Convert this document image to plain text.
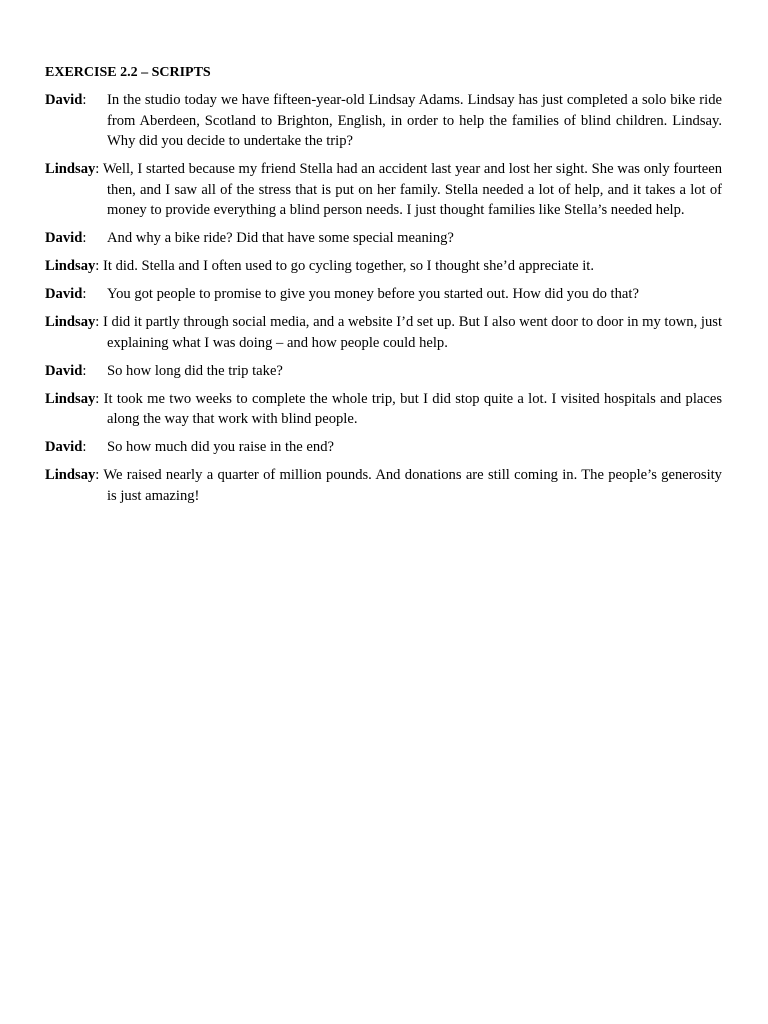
EXERCISE 2.2 – SCRIPTS
David: In the studio today we have fifteen-year-old Lindsay Adams. Lindsay has just completed a solo bike ride from Aberdeen, Scotland to Brighton, English, in order to help the families of blind children. Lindsay. Why did you decide to undertake the trip?
Lindsay: Well, I started because my friend Stella had an accident last year and lost her sight. She was only fourteen then, and I saw all of the stress that is put on her family. Stella needed a lot of help, and it takes a lot of money to provide everything a blind person needs. I just thought families like Stella’s needed help.
David: And why a bike ride? Did that have some special meaning?
Lindsay: It did. Stella and I often used to go cycling together, so I thought she’d appreciate it.
David: You got people to promise to give you money before you started out. How did you do that?
Lindsay: I did it partly through social media, and a website I’d set up. But I also went door to door in my town, just explaining what I was doing – and how people could help.
David: So how long did the trip take?
Lindsay: It took me two weeks to complete the whole trip, but I did stop quite a lot. I visited hospitals and places along the way that work with blind people.
David: So how much did you raise in the end?
Lindsay: We raised nearly a quarter of million pounds. And donations are still coming in. The people’s generosity is just amazing!
